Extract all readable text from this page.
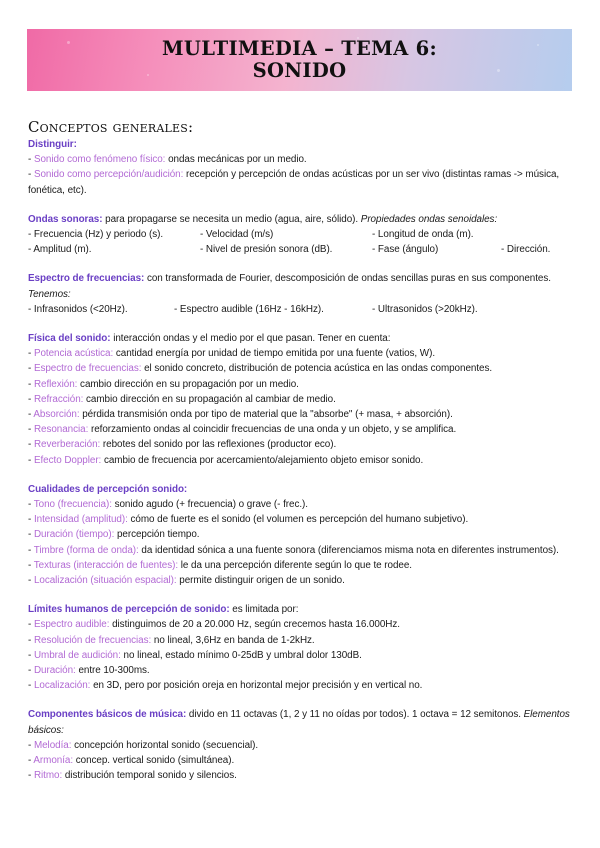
MULTIMEDIA – TEMA 6:
SONIDO
Conceptos generales:
Distinguir:
- Sonido como fenómeno físico: ondas mecánicas por un medio.
- Sonido como percepción/audición: recepción y percepción de ondas acústicas por un ser vivo (distintas ramas -> música, fonética, etc).
Ondas sonoras: para propagarse se necesita un medio (agua, aire, sólido). Propiedades ondas senoidales:
- Frecuencia (Hz) y periodo (s).	- Velocidad (m/s)	- Longitud de onda (m).
- Amplitud (m).	- Nivel de presión sonora (dB).	- Fase (ángulo)	- Dirección.
Espectro de frecuencias: con transformada de Fourier, descomposición de ondas sencillas puras en sus componentes. Tenemos:
- Infrasonidos (<20Hz).	- Espectro audible (16Hz - 16kHz).	- Ultrasonidos (>20kHz).
Física del sonido: interacción ondas y el medio por el que pasan. Tener en cuenta:
- Potencia acústica: cantidad energía por unidad de tiempo emitida por una fuente (vatios, W).
- Espectro de frecuencias: el sonido concreto, distribución de potencia acústica en las ondas componentes.
- Reflexión: cambio dirección en su propagación por un medio.
- Refracción: cambio dirección en su propagación al cambiar de medio.
- Absorción: pérdida transmisión onda por tipo de material que la "absorbe" (+ masa, + absorción).
- Resonancia: reforzamiento ondas al coincidir frecuencias de una onda y un objeto, y se amplifica.
- Reverberación: rebotes del sonido por las reflexiones (productor eco).
- Efecto Doppler: cambio de frecuencia por acercamiento/alejamiento objeto emisor sonido.
Cualidades de percepción sonido:
- Tono (frecuencia): sonido agudo (+ frecuencia) o grave (- frec.).
- Intensidad (amplitud): cómo de fuerte es el sonido (el volumen es percepción del humano subjetivo).
- Duración (tiempo): percepción tiempo.
- Timbre (forma de onda): da identidad sónica a una fuente sonora (diferenciamos misma nota en diferentes instrumentos).
- Texturas (interacción de fuentes): le da una percepción diferente según lo que te rodee.
- Localización (situación espacial): permite distinguir origen de un sonido.
Límites humanos de percepción de sonido: es limitada por:
- Espectro audible: distinguimos de 20 a 20.000 Hz, según crecemos hasta 16.000Hz.
- Resolución de frecuencias: no lineal, 3,6Hz en banda de 1-2kHz.
- Umbral de audición: no lineal, estado mínimo 0-25dB y umbral dolor 130dB.
- Duración: entre 10-300ms.
- Localización: en 3D, pero por posición oreja en horizontal mejor precisión y en vertical no.
Componentes básicos de música: divido en 11 octavas (1, 2 y 11 no oídas por todos). 1 octava = 12 semitonos. Elementos básicos:
- Melodía: concepción horizontal sonido (secuencial).
- Armonía: concep. vertical sonido (simultánea).
- Ritmo: distribución temporal sonido y silencios.
